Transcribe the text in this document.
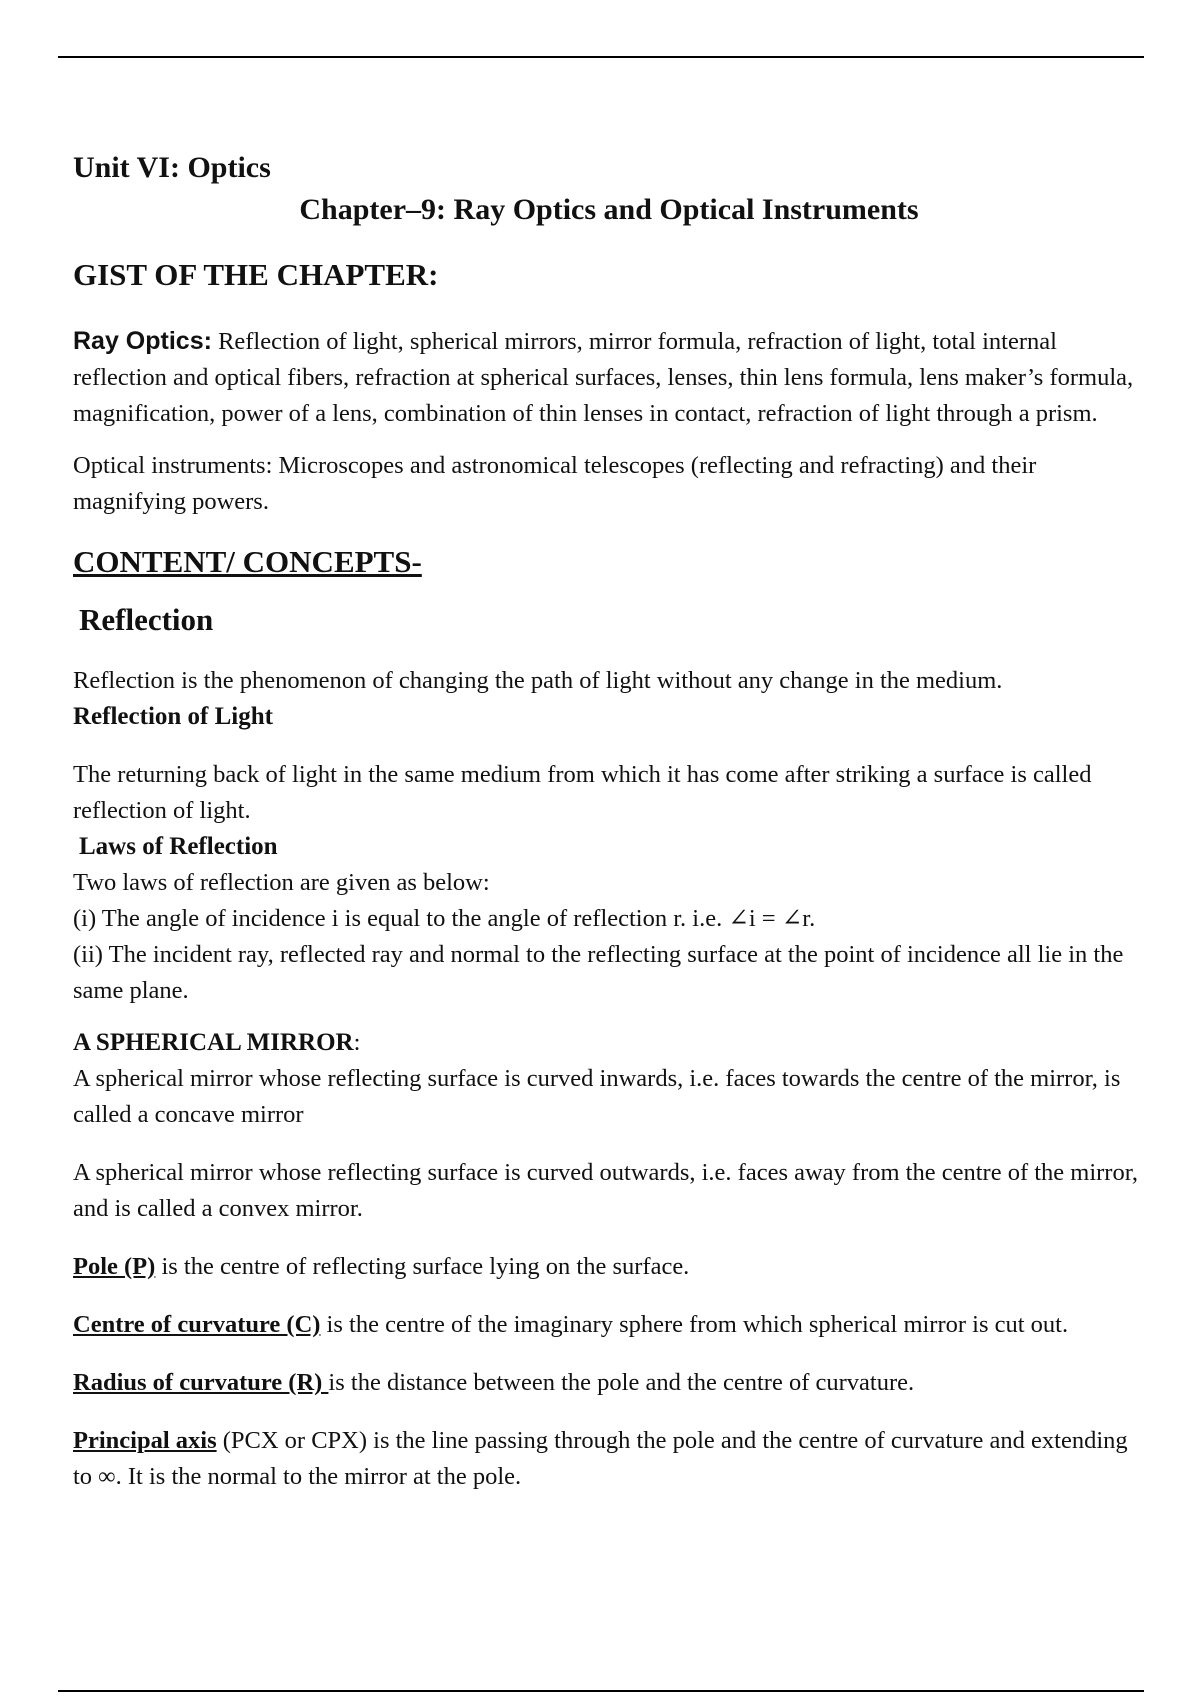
Unit VI: Optics
Chapter–9: Ray Optics and Optical Instruments
GIST OF THE CHAPTER:

Ray Optics: Reflection of light, spherical mirrors, mirror formula, refraction of light, total internal reflection and optical fibers, refraction at spherical surfaces, lenses, thin lens formula, lens maker’s formula, magnification, power of a lens, combination of thin lenses in contact, refraction of light through a prism.

Optical instruments: Microscopes and astronomical telescopes (reflecting and refracting) and their magnifying powers.

CONTENT/ CONCEPTS-
Reflection

Reflection is the phenomenon of changing the path of light without any change in the medium.

Reflection of Light

The returning back of light in the same medium from which it has come after striking a surface is called reflection of light.

Laws of Reflection

Two laws of reflection are given as below:

(i) The angle of incidence i is equal to the angle of reflection r. i.e. ∠i = ∠r.

(ii) The incident ray, reflected ray and normal to the reflecting surface at the point of incidence all lie in the same plane.

A SPHERICAL MIRROR:

A spherical mirror whose reflecting surface is curved inwards, i.e. faces towards the centre of the mirror, is called a concave mirror

A spherical mirror whose reflecting surface is curved outwards, i.e. faces away from the centre of the mirror, and is called a convex mirror.

Pole (P) is the centre of reflecting surface lying on the surface.

Centre of curvature (C) is the centre of the imaginary sphere from which spherical mirror is cut out.

Radius of curvature (R) is the distance between the pole and the centre of curvature.

Principal axis (PCX or CPX) is the line passing through the pole and the centre of curvature and extending to ∞. It is the normal to the mirror at the pole.
